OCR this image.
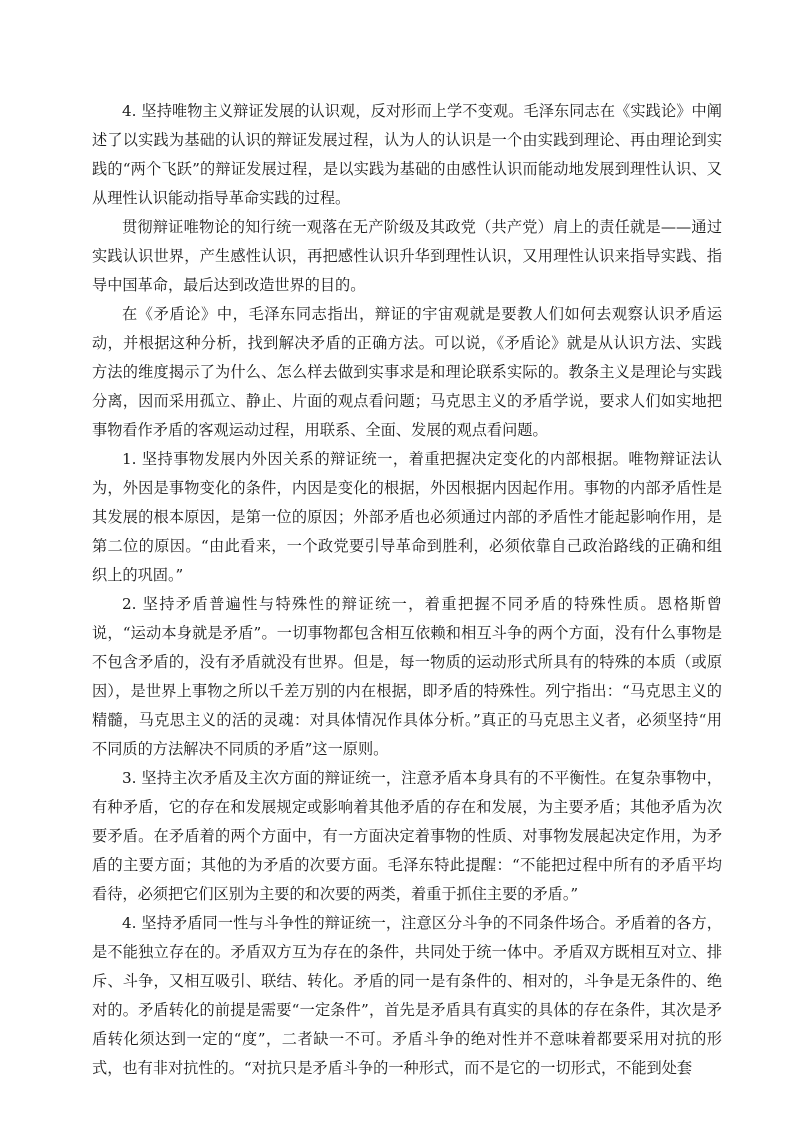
4. 坚持唯物主义辩证发展的认识观，反对形而上学不变观。毛泽东同志在《实践论》中阐述了以实践为基础的认识的辩证发展过程，认为人的认识是一个由实践到理论、再由理论到实践的“两个飞跃”的辩证发展过程，是以实践为基础的由感性认识而能动地发展到理性认识、又从理性认识能动指导革命实践的过程。

贯彻辩证唯物论的知行统一观落在无产阶级及其政党（共产党）肩上的责任就是——通过实践认识世界，产生感性认识，再把感性认识升华到理性认识，又用理性认识来指导实践、指导中国革命，最后达到改造世界的目的。

在《矛盾论》中，毛泽东同志指出，辩证的宇宙观就是要教人们如何去观察认识矛盾运动，并根据这种分析，找到解决矛盾的正确方法。可以说，《矛盾论》就是从认识方法、实践方法的维度揭示了为什么、怎么样去做到实事求是和理论联系实际的。教条主义是理论与实践分离，因而采用孤立、静止、片面的观点看问题；马克思主义的矛盾学说，要求人们如实地把事物看作矛盾的客观运动过程，用联系、全面、发展的观点看问题。

1. 坚持事物发展内外因关系的辩证统一，着重把握决定变化的内部根据。唯物辩证法认为，外因是事物变化的条件，内因是变化的根据，外因根据内因起作用。事物的内部矛盾性是其发展的根本原因，是第一位的原因；外部矛盾也必须通过内部的矛盾性才能起影响作用，是第二位的原因。“由此看来，一个政党要引导革命到胜利，必须依靠自己政治路线的正确和组织上的巩固。”

2. 坚持矛盾普遍性与特殊性的辩证统一，着重把握不同矛盾的特殊性质。恩格斯曾说，“运动本身就是矛盾”。一切事物都包含相互依赖和相互斗争的两个方面，没有什么事物是不包含矛盾的，没有矛盾就没有世界。但是，每一物质的运动形式所具有的特殊的本质（或原因），是世界上事物之所以千差万别的内在根据，即矛盾的特殊性。列宁指出：“马克思主义的精髓，马克思主义的活的灵魂：对具体情况作具体分析。”真正的马克思主义者，必须坚持“用不同质的方法解决不同质的矛盾”这一原则。

3. 坚持主次矛盾及主次方面的辩证统一，注意矛盾本身具有的不平衡性。在复杂事物中，有种矛盾，它的存在和发展规定或影响着其他矛盾的存在和发展，为主要矛盾；其他矛盾为次要矛盾。在矛盾着的两个方面中，有一方面决定着事物的性质、对事物发展起决定作用，为矛盾的主要方面；其他的为矛盾的次要方面。毛泽东特此提醒：“不能把过程中所有的矛盾平均看待，必须把它们区别为主要的和次要的两类，着重于抓住主要的矛盾。”

4. 坚持矛盾同一性与斗争性的辩证统一，注意区分斗争的不同条件场合。矛盾着的各方，是不能独立存在的。矛盾双方互为存在的条件，共同处于统一体中。矛盾双方既相互对立、排斥、斗争，又相互吸引、联结、转化。矛盾的同一是有条件的、相对的，斗争是无条件的、绝对的。矛盾转化的前提是需要“一定条件”，首先是矛盾具有真实的具体的存在条件，其次是矛盾转化须达到一定的“度”，二者缺一不可。矛盾斗争的绝对性并不意味着都要采用对抗的形式，也有非对抗性的。“对抗只是矛盾斗争的一种形式，而不是它的一切形式，不能到处套
